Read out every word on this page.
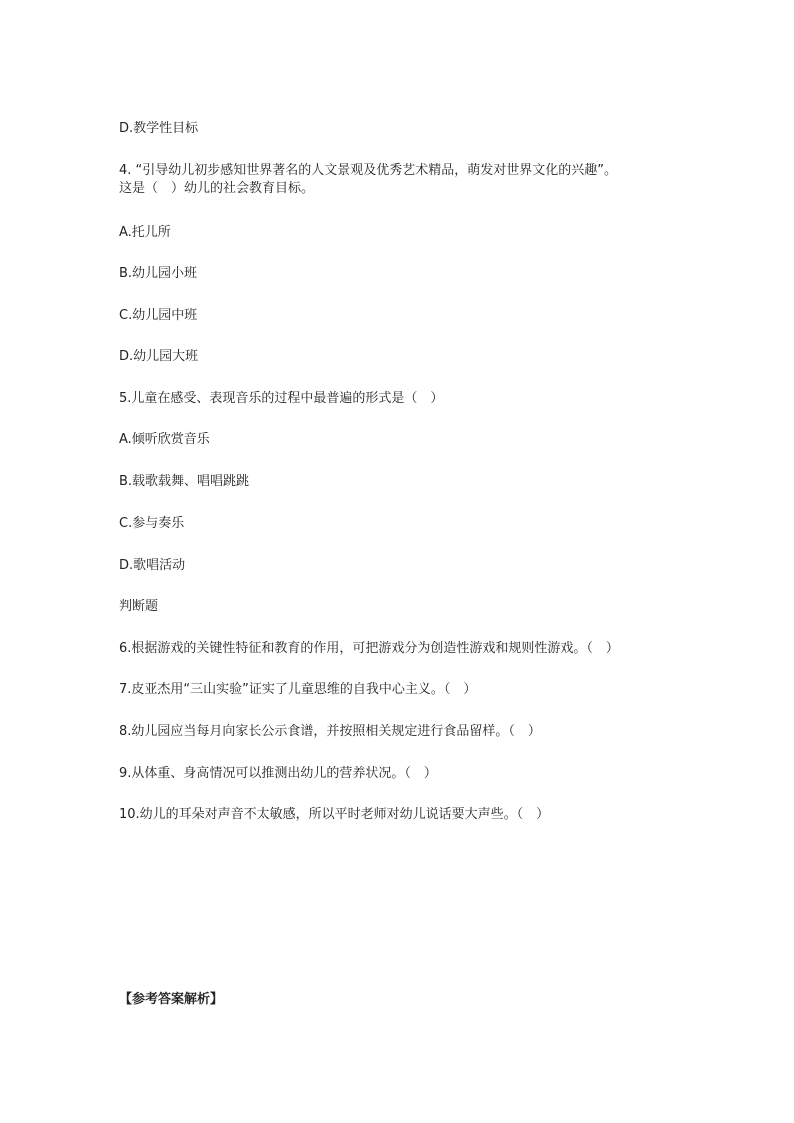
D.教学性目标

4. “引导幼儿初步感知世界著名的人文景观及优秀艺术精品，萌发对世界文化的兴趣”。

这是（　）幼儿的社会教育目标。

A.托儿所

B.幼儿园小班

C.幼儿园中班

D.幼儿园大班

5.儿童在感受、表现音乐的过程中最普遍的形式是（　）

A.倾听欣赏音乐

B.载歌载舞、唱唱跳跳

C.参与奏乐

D.歌唱活动

判断题

6.根据游戏的关键性特征和教育的作用，可把游戏分为创造性游戏和规则性游戏。（　）

7.皮亚杰用“三山实验”证实了儿童思维的自我中心主义。（　）

8.幼儿园应当每月向家长公示食谱，并按照相关规定进行食品留样。（　）

9.从体重、身高情况可以推测出幼儿的营养状况。（　）

10.幼儿的耳朵对声音不太敏感，所以平时老师对幼儿说话要大声些。（　）

【参考答案解析】
